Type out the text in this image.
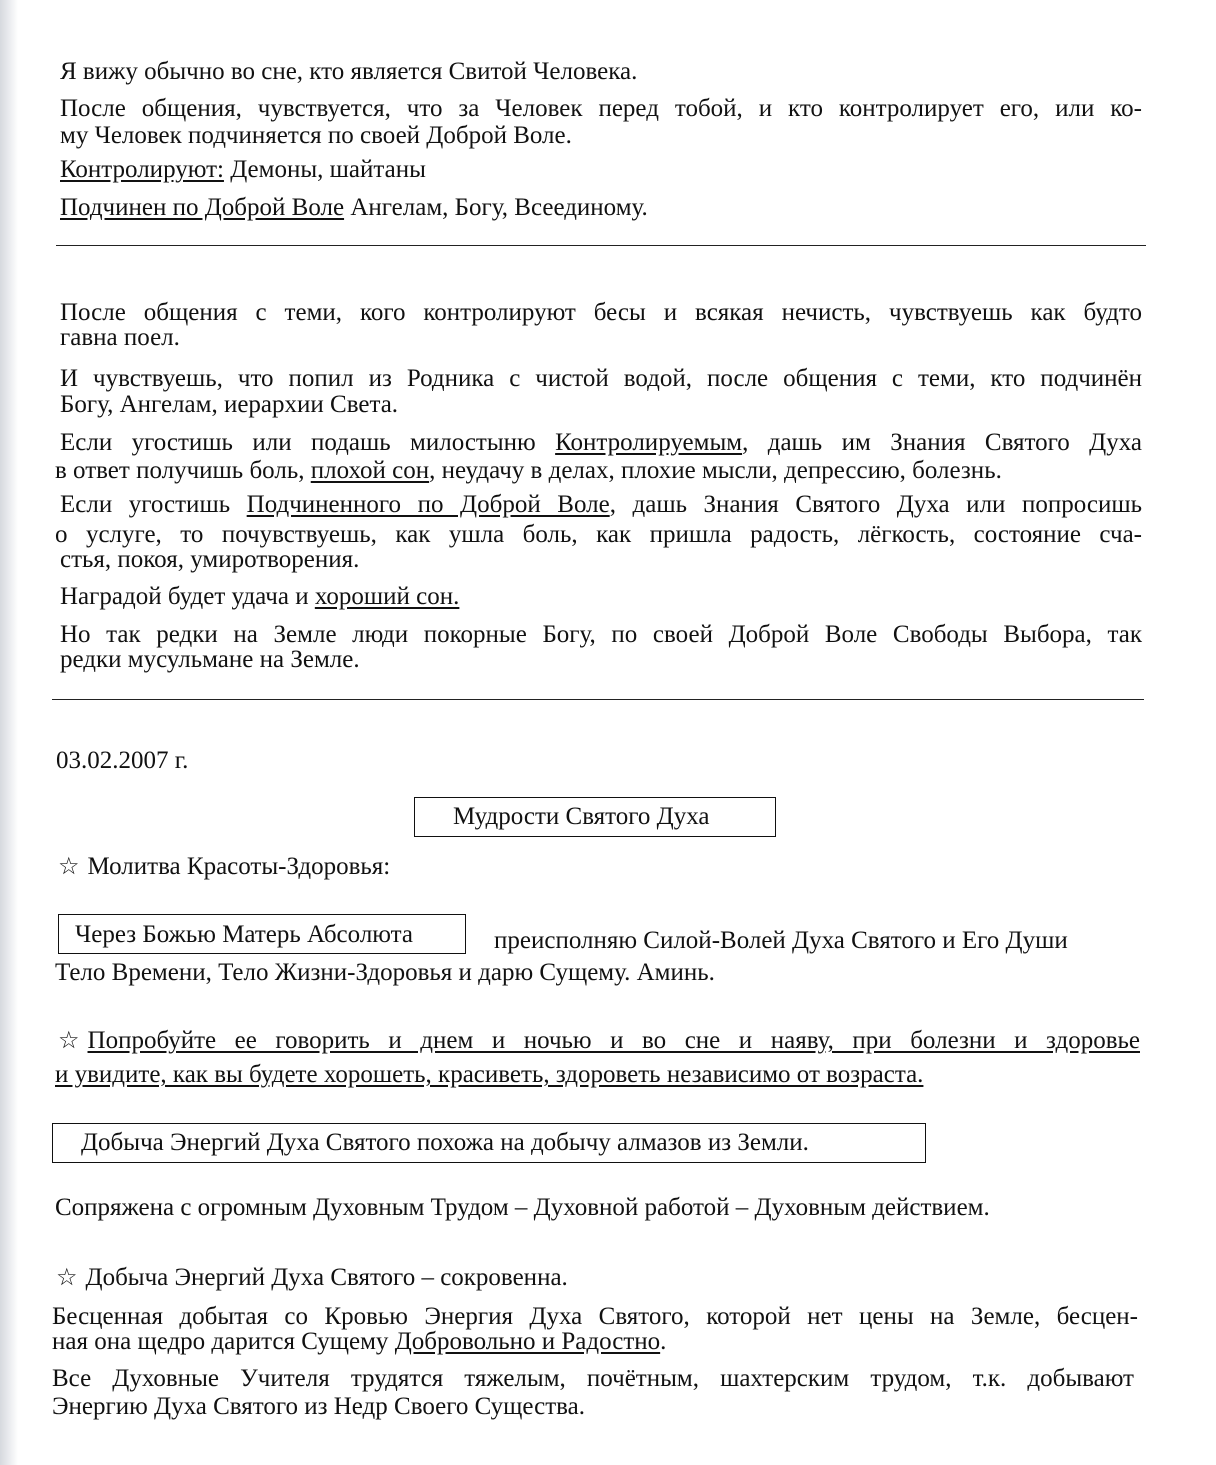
Я вижу обычно во сне, кто является Свитой Человека.
После общения, чувствуется, что за Человек перед тобой, и кто контролирует его, или ко-
му Человек подчиняется по своей Доброй Воле.
Контролируют: Демоны, шайтаны
Подчинен по Доброй Воле Ангелам, Богу, Всеединому.
После общения с теми, кого контролируют бесы и всякая нечисть, чувствуешь как будто
гавна поел.
И чувствуешь, что попил из Родника с чистой водой, после общения с теми, кто подчинён
Богу, Ангелам, иерархии Света.
Если угостишь или подашь милостыню Контролируемым, дашь им Знания Святого Духа
в ответ получишь боль, плохой сон, неудачу в делах, плохие мысли, депрессию, болезнь.
Если угостишь Подчиненного по Доброй Воле, дашь Знания Святого Духа или попросишь
о услуге, то почувствуешь, как ушла боль, как пришла радость, лёгкость, состояние сча-
стья, покоя, умиротворения.
Наградой будет удача и хороший сон.
Но так редки на Земле люди покорные Богу, по своей Доброй Воле Свободы Выбора, так
редки мусульмане на Земле.
03.02.2007 г.
Мудрости Святого Духа
☆ Молитва Красоты-Здоровья:
Через Божью Матерь Абсолюта	преисполняю Силой-Волей Духа Святого и Его Души
Тело Времени, Тело Жизни-Здоровья и дарю Сущему. Аминь.
☆ Попробуйте ее говорить и днем и ночью и во сне и наяву, при болезни и здоровье
и увидите, как вы будете хорошеть, красиветь, здороветь независимо от возраста.
Добыча Энергий Духа Святого похожа на добычу алмазов из Земли.
Сопряжена с огромным Духовным Трудом – Духовной работой – Духовным действием.
☆ Добыча Энергий Духа Святого – сокровенна.
Бесценная добытая со Кровью Энергия Духа Святого, которой нет цены на Земле, бесцен-
ная она щедро дарится Сущему Добровольно и Радостно.
Все Духовные Учителя трудятся тяжелым, почётным, шахтерским трудом, т.к. добывают
Энергию Духа Святого из Недр Своего Существа.
